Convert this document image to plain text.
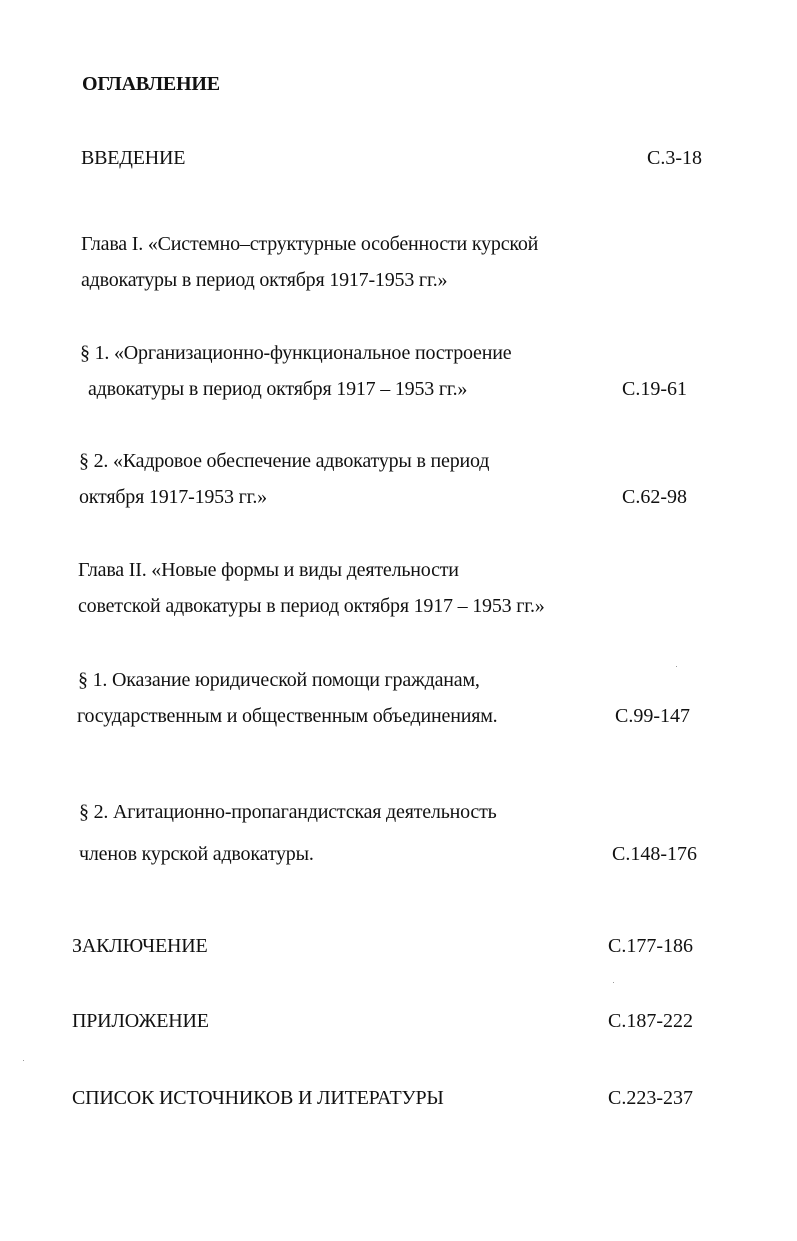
ОГЛАВЛЕНИЕ
ВВЕДЕНИЕ	С.3-18
Глава I. «Системно–структурные особенности курской
адвокатуры в период октября 1917-1953 гг.»
§ 1. «Организационно-функциональное построение
адвокатуры в период октября 1917 – 1953 гг.»	С.19-61
§ 2. «Кадровое обеспечение адвокатуры в период
октября 1917-1953 гг.»	С.62-98
Глава II. «Новые формы и виды деятельности
советской адвокатуры в период октября 1917 – 1953 гг.»
§ 1. Оказание юридической помощи гражданам,
государственным и общественным объединениям.	С.99-147
§ 2. Агитационно-пропагандистская деятельность
членов курской адвокатуры.	С.148-176
ЗАКЛЮЧЕНИЕ	С.177-186
ПРИЛОЖЕНИЕ	С.187-222
СПИСОК ИСТОЧНИКОВ И ЛИТЕРАТУРЫ	С.223-237
